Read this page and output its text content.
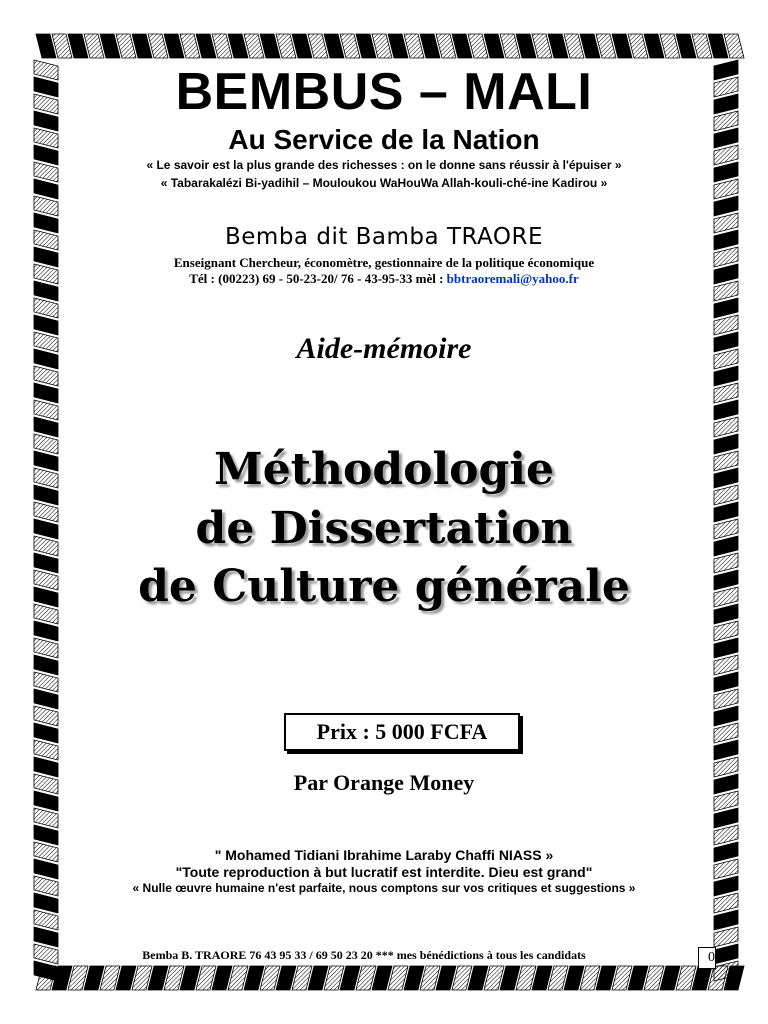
BEMBUS – MALI
Au Service de la Nation
« Le savoir est la plus grande des richesses : on le donne sans réussir à l'épuiser »
« Tabarakalézi Bi-yadihil – Mouloukou WaHouWa Allah-kouli-ché-ine Kadirou »
Bemba dit Bamba TRAORE
Enseignant Chercheur, économètre, gestionnaire de la politique économique
Tél : (00223) 69 - 50-23-20/ 76 - 43-95-33 mèl : bbtraoremali@yahoo.fr
Aide-mémoire
Méthodologie
de Dissertation
de Culture générale
Prix : 5 000 FCFA
Par Orange Money
" Mohamed Tidiani Ibrahime Laraby Chaffi NIASS »
"Toute reproduction à but lucratif est interdite. Dieu est grand"
« Nulle œuvre humaine n'est parfaite, nous comptons sur vos critiques et suggestions »
Bemba B. TRAORE 76 43 95 33 / 69 50 23 20 *** mes bénédictions à tous les candidats	0
